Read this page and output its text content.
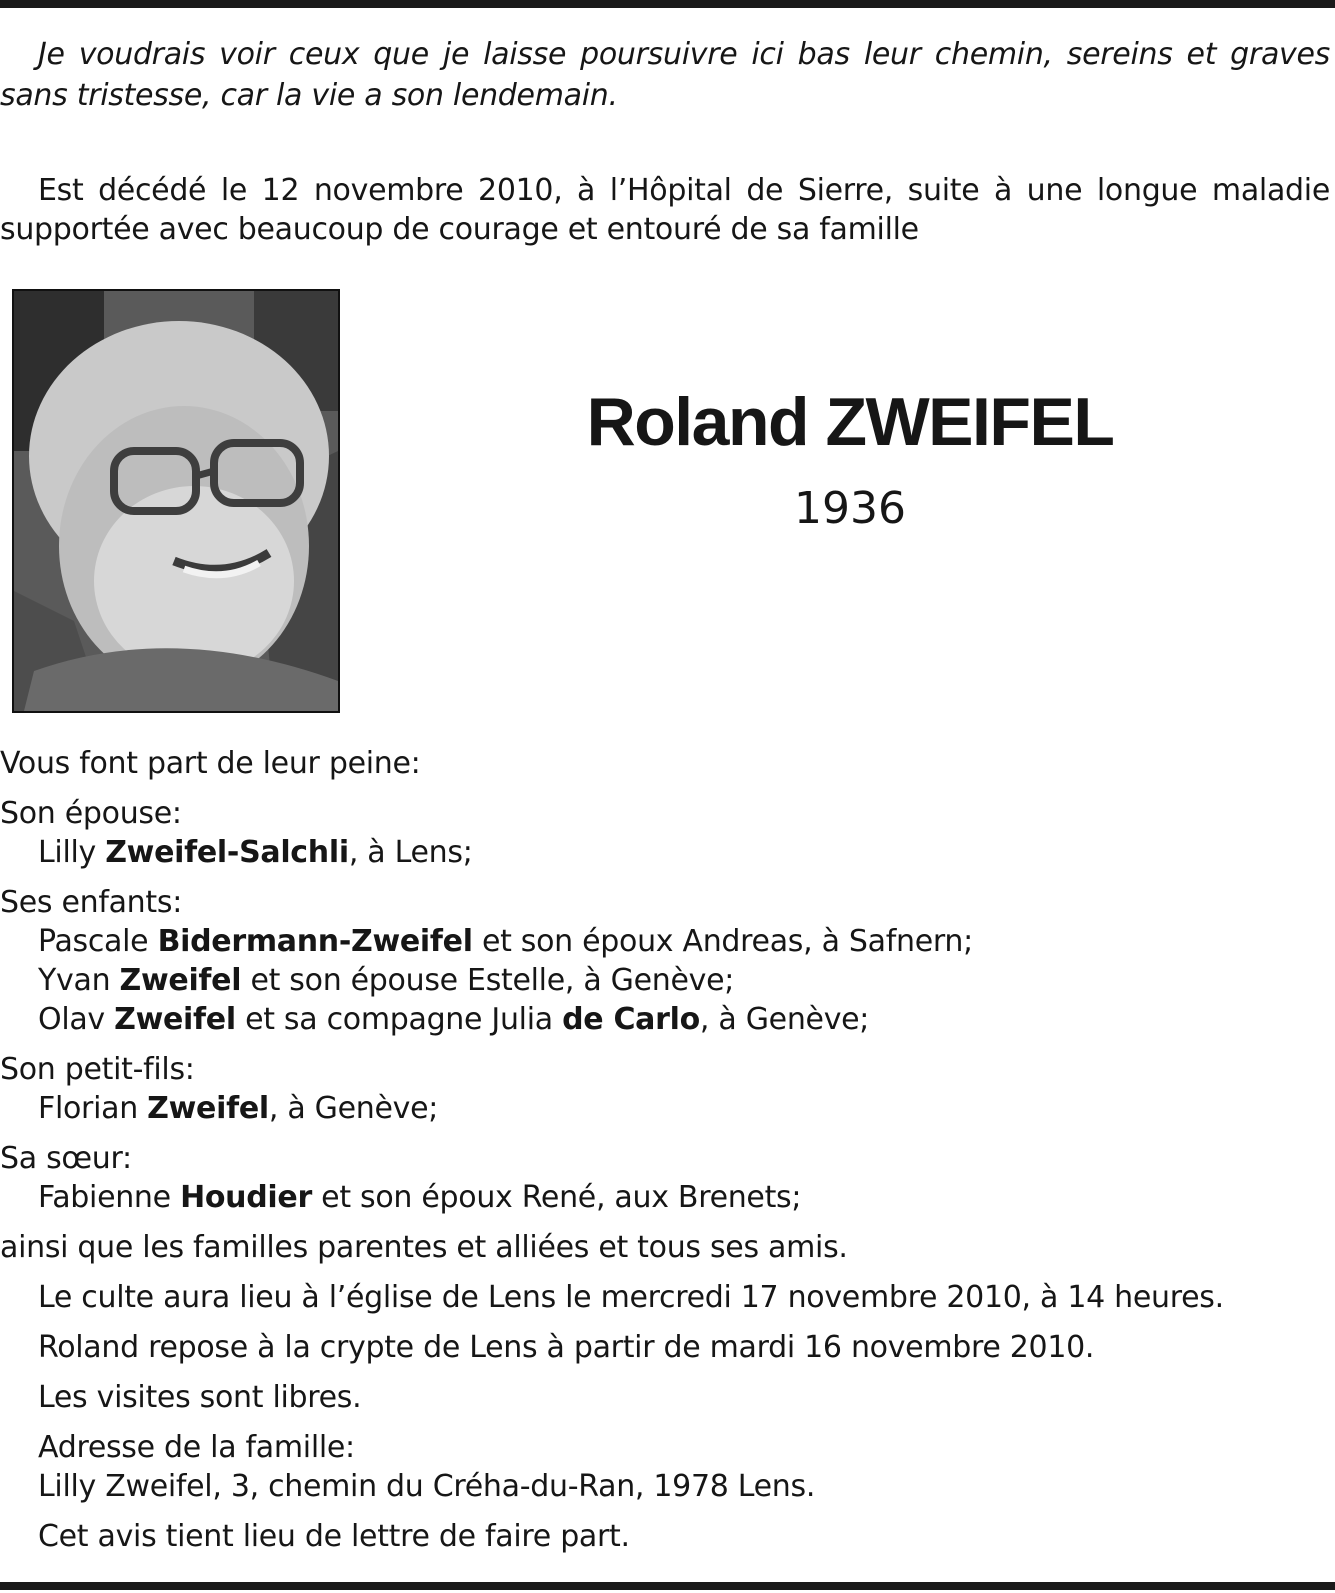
Je voudrais voir ceux que je laisse poursuivre ici bas leur chemin, sereins et graves sans tristesse, car la vie a son lendemain.
Est décédé le 12 novembre 2010, à l’Hôpital de Sierre, suite à une longue maladie supportée avec beaucoup de courage et entouré de sa famille
Roland ZWEIFEL
1936
Vous font part de leur peine:
Son épouse:
Lilly Zweifel-Salchli, à Lens;
Ses enfants:
Pascale Bidermann-Zweifel et son époux Andreas, à Safnern;
Yvan Zweifel et son épouse Estelle, à Genève;
Olav Zweifel et sa compagne Julia de Carlo, à Genève;
Son petit-fils:
Florian Zweifel, à Genève;
Sa sœur:
Fabienne Houdier et son époux René, aux Brenets;
ainsi que les familles parentes et alliées et tous ses amis.
Le culte aura lieu à l’église de Lens le mercredi 17 novembre 2010, à 14 heures.
Roland repose à la crypte de Lens à partir de mardi 16 novembre 2010.
Les visites sont libres.
Adresse de la famille:
Lilly Zweifel, 3, chemin du Créha-du-Ran, 1978 Lens.
Cet avis tient lieu de lettre de faire part.
